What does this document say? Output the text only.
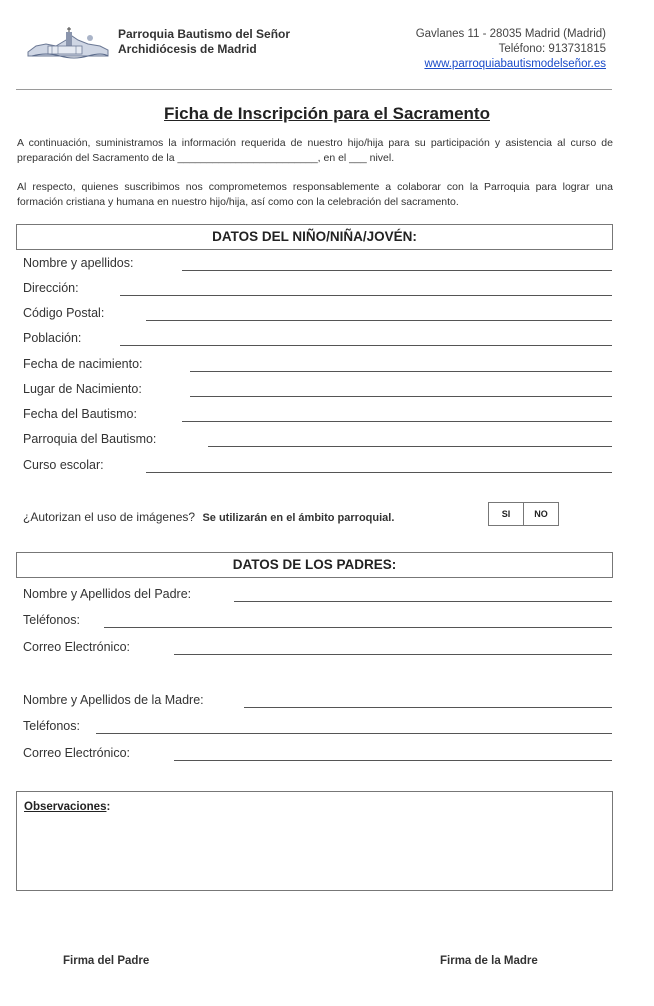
Parroquia Bautismo del Señor
Archidiócesis de Madrid
Gavlanes 11 - 28035 Madrid (Madrid)
Teléfono: 913731815
www.parroquiabautismodelseñor.es
Ficha de Inscripción para el Sacramento
A continuación, suministramos la información requerida de nuestro hijo/hija para su participación y asistencia al curso de preparación del Sacramento de la ________________________, en el ___ nivel.
Al respecto, quienes suscribimos nos comprometemos responsablemente a colaborar con la Parroquia para lograr una formación cristiana y humana en nuestro hijo/hija, así como con la celebración del sacramento.
DATOS DEL NIÑO/NIÑA/JOVÉN:
Nombre y apellidos:
Dirección:
Código Postal:
Población:
Fecha de nacimiento:
Lugar de Nacimiento:
Fecha del Bautismo:
Parroquia del Bautismo:
Curso escolar:
¿Autorizan el uso de imágenes? Se utilizarán en el ámbito parroquial.	SI	NO
DATOS DE LOS PADRES:
Nombre y Apellidos del Padre:
Teléfonos:
Correo Electrónico:
Nombre y Apellidos de la Madre:
Teléfonos:
Correo Electrónico:
Observaciones:
Firma del Padre	Firma de la Madre
